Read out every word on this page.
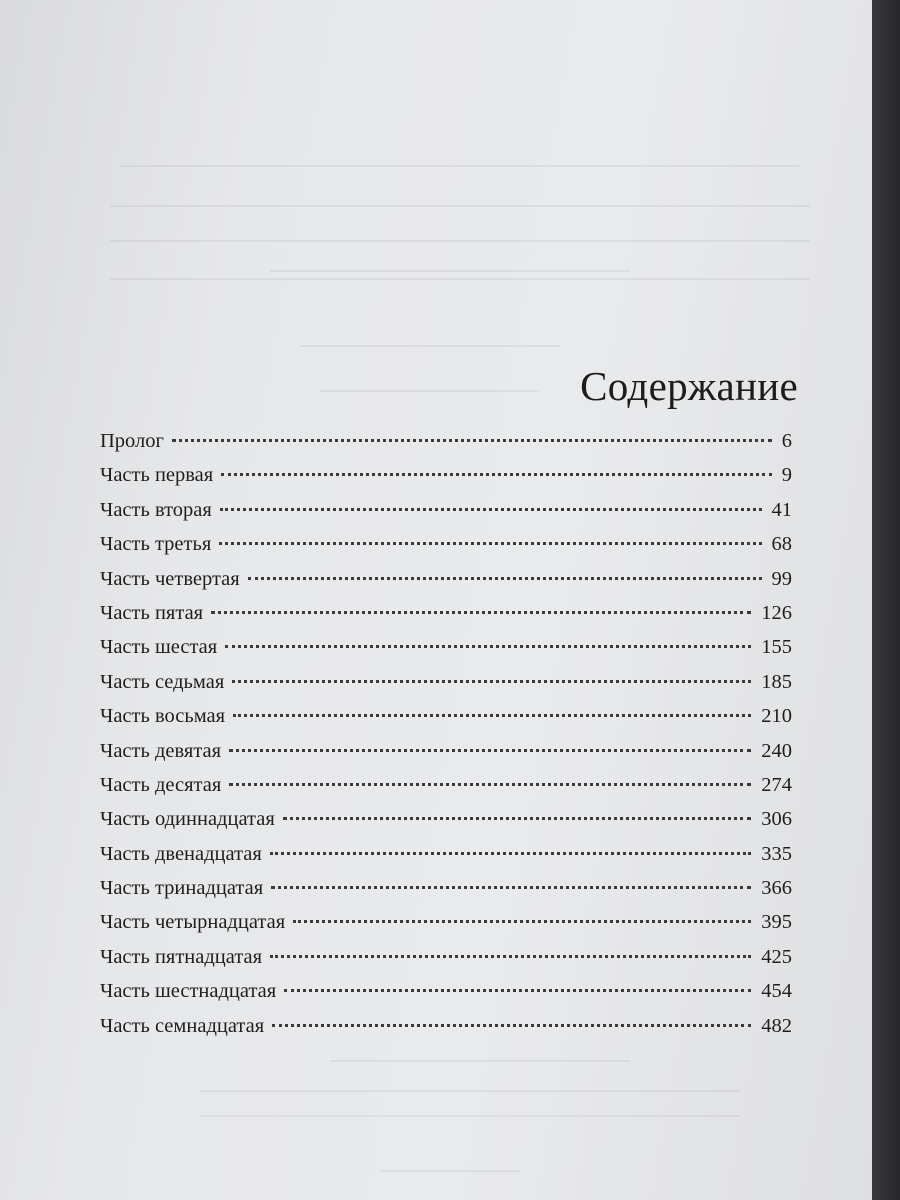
Содержание
Пролог	6
Часть первая	9
Часть вторая	41
Часть третья	68
Часть четвертая	99
Часть пятая	126
Часть шестая	155
Часть седьмая	185
Часть восьмая	210
Часть девятая	240
Часть десятая	274
Часть одиннадцатая	306
Часть двенадцатая	335
Часть тринадцатая	366
Часть четырнадцатая	395
Часть пятнадцатая	425
Часть шестнадцатая	454
Часть семнадцатая	482
